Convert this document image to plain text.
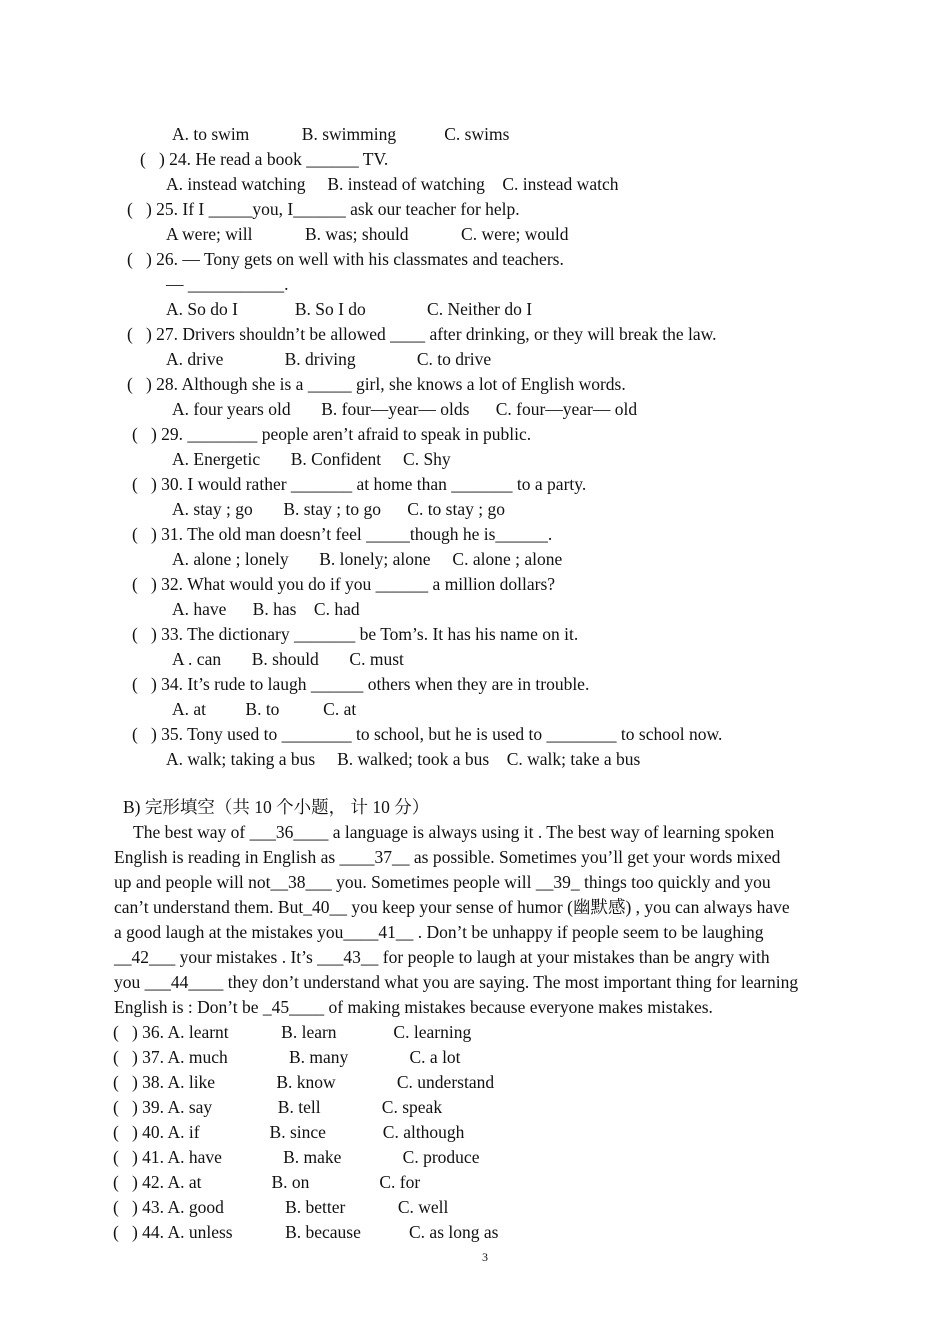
A. to swim            B. swimming           C. swims
(   ) 24. He read a book ______ TV.
A. instead watching     B. instead of watching    C. instead watch
(   ) 25. If I _____you, I______ ask our teacher for help.
A were; will            B. was; should            C. were; would
(   ) 26. — Tony gets on well with his classmates and teachers.
— ___________.
A. So do I             B. So I do              C. Neither do I
(   ) 27. Drivers shouldn’t be allowed ____ after drinking, or they will break the law.
A. drive              B. driving              C. to drive
(   ) 28. Although she is a _____ girl, she knows a lot of English words.
A. four years old       B. four—year— olds      C. four—year— old
(   ) 29. ________ people aren’t afraid to speak in public.
A. Energetic       B. Confident     C. Shy
(   ) 30. I would rather _______ at home than _______ to a party.
A. stay ; go       B. stay ; to go      C. to stay ; go
(   ) 31. The old man doesn’t feel _____though he is______.
A. alone ; lonely       B. lonely; alone     C. alone ; alone
(   ) 32. What would you do if you ______ a million dollars?
A. have      B. has    C. had
(   ) 33. The dictionary _______ be Tom’s. It has his name on it.
A . can       B. should       C. must
(   ) 34. It’s rude to laugh ______ others when they are in trouble.
A. at         B. to          C. at
(   ) 35. Tony used to ________ to school, but he is used to ________ to school now.
A. walk; taking a bus     B. walked; took a bus    C. walk; take a bus
B) 完形填空（共 10 个小题， 计 10 分）
The best way of ___36____ a language is always using it . The best way of learning spoken
English is reading in English as ____37__ as possible. Sometimes you’ll get your words mixed
up and people will not__38___ you. Sometimes people will __39_ things too quickly and you
can’t understand them. But_40__ you keep your sense of humor (幽默感) , you can always have
a good laugh at the mistakes you____41__ . Don’t be unhappy if people seem to be laughing
__42___ your mistakes . It’s ___43__ for people to laugh at your mistakes than be angry with
you ___44____ they don’t understand what you are saying. The most important thing for learning
English is : Don’t be _45____ of making mistakes because everyone makes mistakes.
(   ) 36. A. learnt            B. learn             C. learning
(   ) 37. A. much              B. many              C. a lot
(   ) 38. A. like              B. know              C. understand
(   ) 39. A. say               B. tell              C. speak
(   ) 40. A. if                B. since             C. although
(   ) 41. A. have              B. make              C. produce
(   ) 42. A. at                B. on                C. for
(   ) 43. A. good              B. better            C. well
(   ) 44. A. unless            B. because           C. as long as
3
